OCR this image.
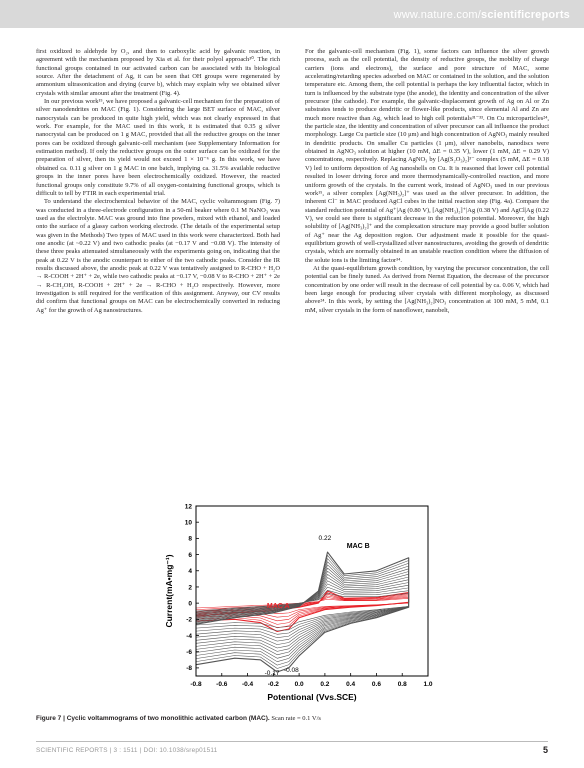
www.nature.com/scientificreports

first oxidized to aldehyde by O₂, and then to carboxylic acid by galvanic reaction, in agreement with the mechanism proposed by Xia et al. for their polyol approach³⁰. The rich functional groups contained in our activated carbon can be associated with its biological source. After the detachment of Ag, it can be seen that OH groups were regenerated by ammonium ultrasonication and drying (curve b), which may explain why we obtained silver crystals with similar amount after the treatment (Fig. 4).

In our previous work¹⁵, we have proposed a galvanic-cell mechanism for the preparation of silver nanodendrites on MAC (Fig. 1). Considering the large BET surface of MAC, silver nanocrystals can be produced in quite high yield, which was not clearly expressed in that work. For example, for the MAC used in this work, it is estimated that 0.35 g silver nanocrystal can be produced on 1 g MAC, provided that all the reductive groups on the inner pores can be oxidized through galvanic-cell mechanism (see Supplementary Information for estimation method). If only the reductive groups on the outer surface can be oxidized for the preparation of silver, then its yield would not exceed 1 × 10⁻⁶ g. In this work, we have obtained ca. 0.11 g silver on 1 g MAC in one batch, implying ca. 31.5% available reductive groups in the inner pores have been electrochemically oxidized. However, the reacted functional groups only constitute 9.7% of all oxygen-containing functional groups, which is difficult to tell by FTIR in each experimental trial.

To understand the electrochemical behavior of the MAC, cyclic voltammogram (Fig. 7) was conducted in a three-electrode configuration in a 50-ml beaker where 0.1 M NaNO₃ was used as the electrolyte. MAC was ground into fine powders, mixed with ethanol, and loaded onto the surface of a glassy carbon working electrode. (The details of the experimental setup was given in the Methods) Two types of MAC used in this work were characterized. Both had one anodic (at ~0.22 V) and two cathodic peaks (at −0.17 V and −0.08 V). The intensity of these three peaks attenuated simultaneously with the experiments going on, indicating that the peak at 0.22 V is the anodic counterpart to either of the two cathodic peaks. Consider the IR results discussed above, the anodic peak at 0.22 V was tentatively assigned to R-CHO + H₂O → R-COOH + 2H⁺ + 2e, while two cathodic peaks at −0.17 V, −0.08 V to R-CHO + 2H⁺ + 2e → R-CH₂OH, R-COOH + 2H⁺ + 2e → R-CHO + H₂O respectively. However, more investigation is still required for the verification of this assignment. Anyway, our CV results did confirm that functional groups on MAC can be electrochemically converted in reducing Ag⁺ for the growth of Ag nanostructures.

For the galvanic-cell mechanism (Fig. 1), some factors can influence the silver growth process, such as the cell potential, the density of reductive groups, the mobility of charge carriers (ions and electrons), the surface and pore structure of MAC, some accelerating/retarding species adsorbed on MAC or contained in the solution, and the solution temperature etc. Among them, the cell potential is perhaps the key influential factor, which in turn is influenced by the substrate type (the anode), the identity and concentration of the silver precursor (the cathode). For example, the galvanic-displacement growth of Ag on Al or Zn substrates tends to produce dendritic or flower-like products, since elemental Al and Zn are much more reactive than Ag, which lead to high cell potentials³¹⁻³³. On Cu microparticles²⁴, the particle size, the identity and concentration of silver precursor can all influence the product morphology. Large Cu particle size (10 μm) and high concentration of AgNO₃ mainly resulted in dendritic products. On smaller Cu particles (1 μm), silver nanobelts, nanodiscs were obtained in AgNO₃ solution at higher (10 mM, ΔE = 0.35 V), lower (1 mM, ΔE = 0.29 V) concentrations, respectively. Replacing AgNO₃ by [Ag(S₂O₃)₂]³⁻ complex (5 mM, ΔE = 0.18 V) led to uniform deposition of Ag nanoshells on Cu. It is reasoned that lower cell potential resulted in lower driving force and more thermodynamically-controlled reaction, and more uniform growth of the crystals. In the current work, instead of AgNO₃ used in our previous work¹⁵, a silver complex [Ag(NH₃)₂]⁺ was used as the silver precursor. In addition, the inherent Cl⁻ in MAC produced AgCl cubes in the initial reaction step (Fig. 4a). Compare the standard reduction potential of Ag⁺|Ag (0.80 V), [Ag(NH₃)₂]⁺|Ag (0.38 V) and AgCl|Ag (0.22 V), we could see there is significant decrease in the reduction potential. Moreover, the high solubility of [Ag(NH₃)₂]⁺ and the complexation structure may provide a good buffer solution of Ag⁺ near the Ag deposition region. Our adjustment made it possible for the quasi-equilibrium growth of well-crystallized silver nanostructures, avoiding the growth of dendritic crystals, which are normally obtained in an unstable reaction condition where the diffusion of the solute ions is the limiting factor³⁴.

At the quasi-equilibrium growth condition, by varying the precursor concentration, the cell potential can be finely tuned. As derived from Nernst Equation, the decrease of the precursor concentration by one order will result in the decrease of cell potential by ca. 0.06 V, which had been large enough for producing silver crystals with different morphology, as discussed above²⁴. In this work, by setting the [Ag(NH₃)₂]NO₃ concentration at 100 mM, 5 mM, 0.1 mM, silver crystals in the form of nanoflower, nanobelt,

-0.8 -0.6 -0.4 -0.2 0.0	0.2	0.4	0.6	0.8	1.0
12
10
8
6
4
2
0
-2
-4
-6
-8
Potentional (Vvs.SCE)
Current(mA•mg⁻¹)
MAC B
MAC A
0.22
-0.17 -0.08
Figure 7 | Cyclic voltammograms of two monolithic activated carbon (MAC). Scan rate = 0.1 V/s
SCIENTIFIC REPORTS | 3 : 1511 | DOI: 10.1038/srep01511	5
